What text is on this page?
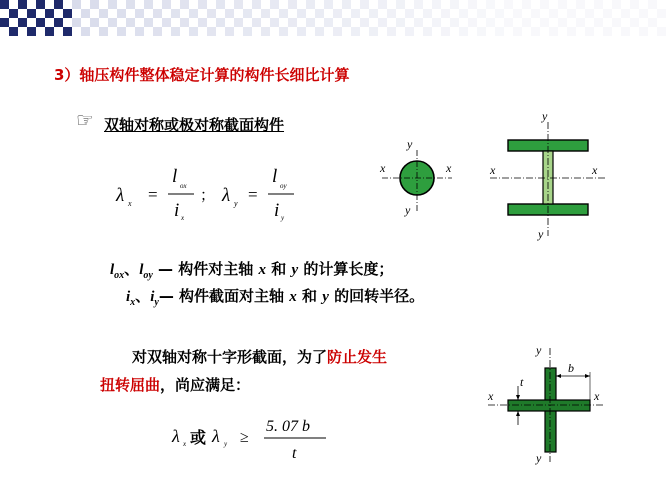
3）轴压构件整体稳定计算的构件长细比计算
☞ 双轴对称或极对称截面构件
λ x =
l ox
i x
； λ y =
l oy
i y
x	x
y
y
x	x
y
y
$l_{ox}$、$l_{oy}$ — 构件对主轴 x 和 y 的计算长度；
$i_x$、$i_y—$ 构件截面对主轴 x 和 y 的回转半径。
对双轴对称十字形截面，为了防止发生
扭转屈曲，尚应满足：
λ x 或 λ y ≥
5. 07 b
t
x	x
y
y
b
t
